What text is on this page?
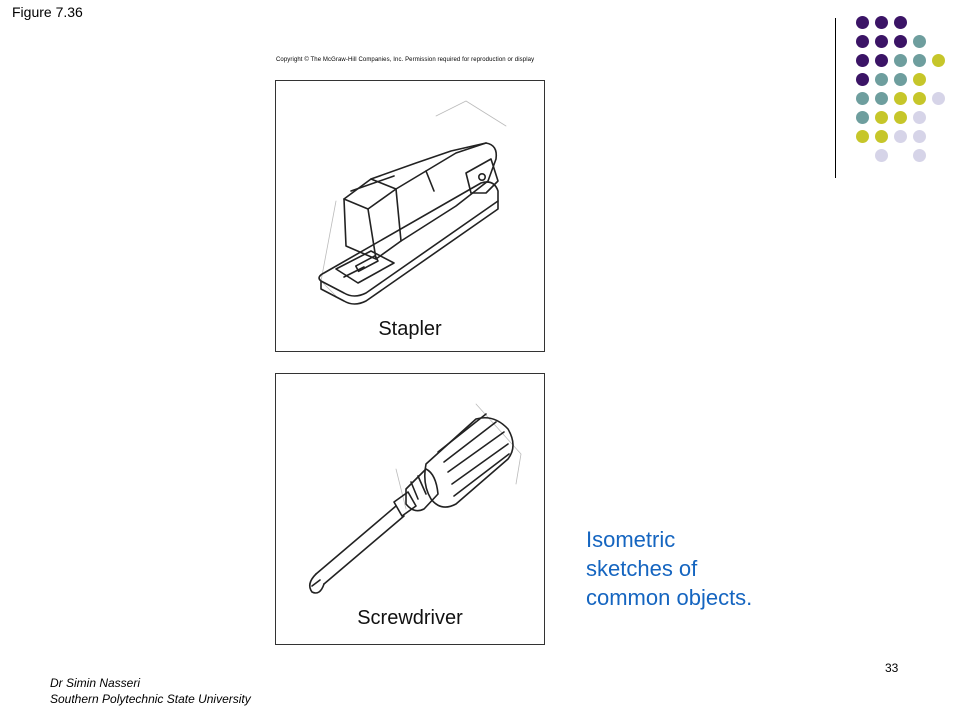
Figure 7.36
Copyright © The McGraw-Hill Companies, Inc. Permission required for reproduction or display
Stapler
Screwdriver
Isometric
sketches of
common objects.
33
Dr Simin Nasseri
Southern Polytechnic State University
